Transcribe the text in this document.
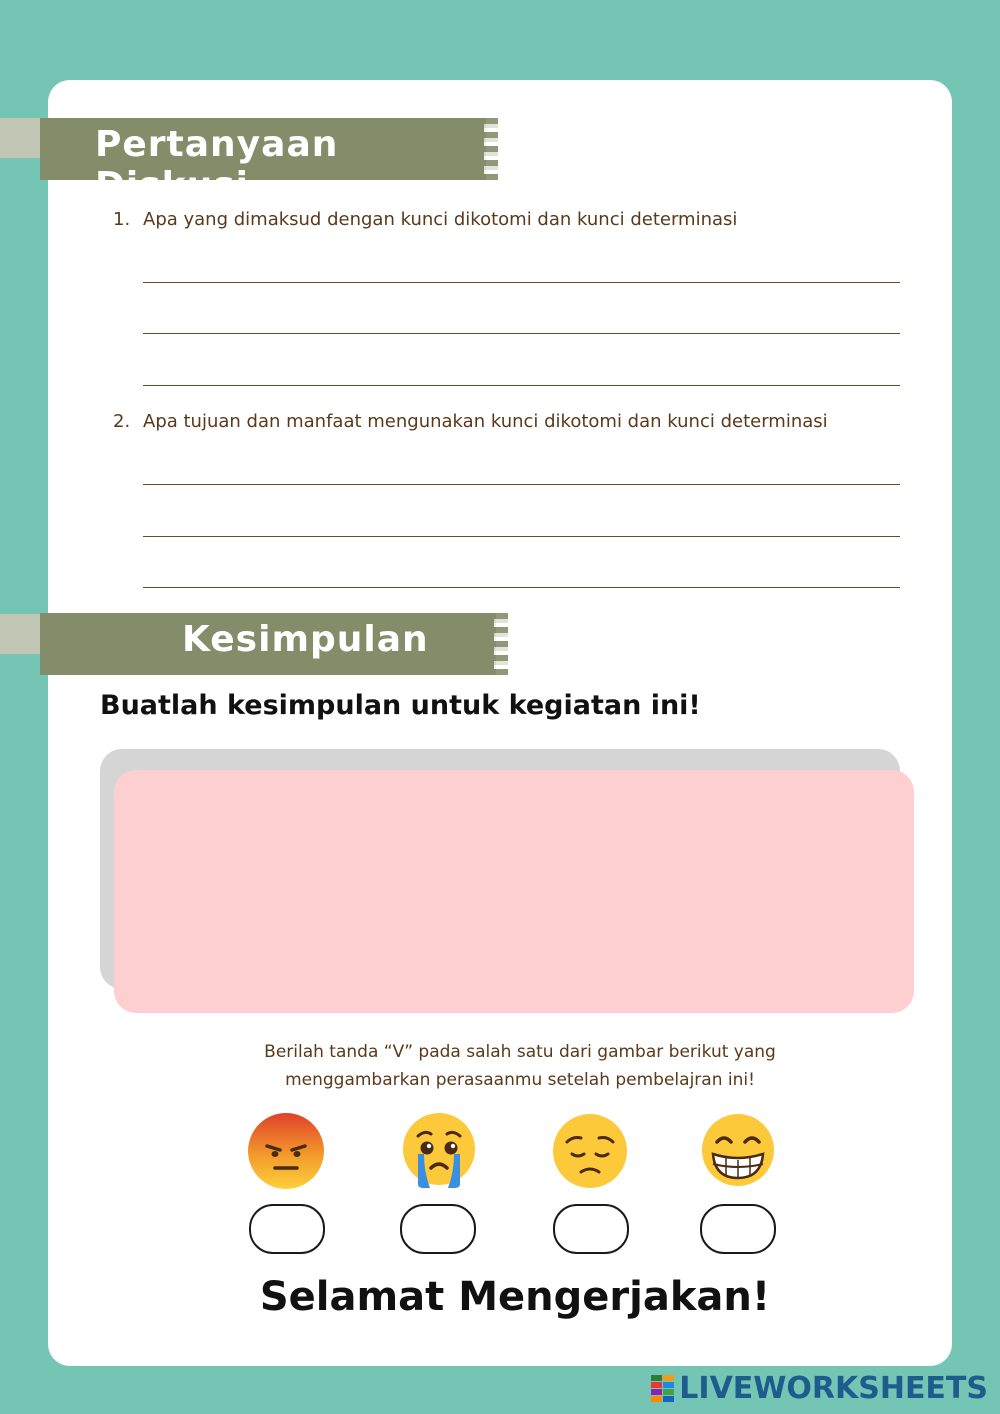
Pertanyaan Diskusi
1. Apa yang dimaksud dengan kunci dikotomi dan kunci determinasi
2. Apa tujuan dan manfaat mengunakan kunci dikotomi dan kunci determinasi
Kesimpulan
Buatlah kesimpulan untuk kegiatan ini!
Berilah tanda “V” pada salah satu dari gambar berikut yang
menggambarkan perasaanmu setelah pembelajran ini!
Selamat Mengerjakan!
LIVEWORKSHEETS
